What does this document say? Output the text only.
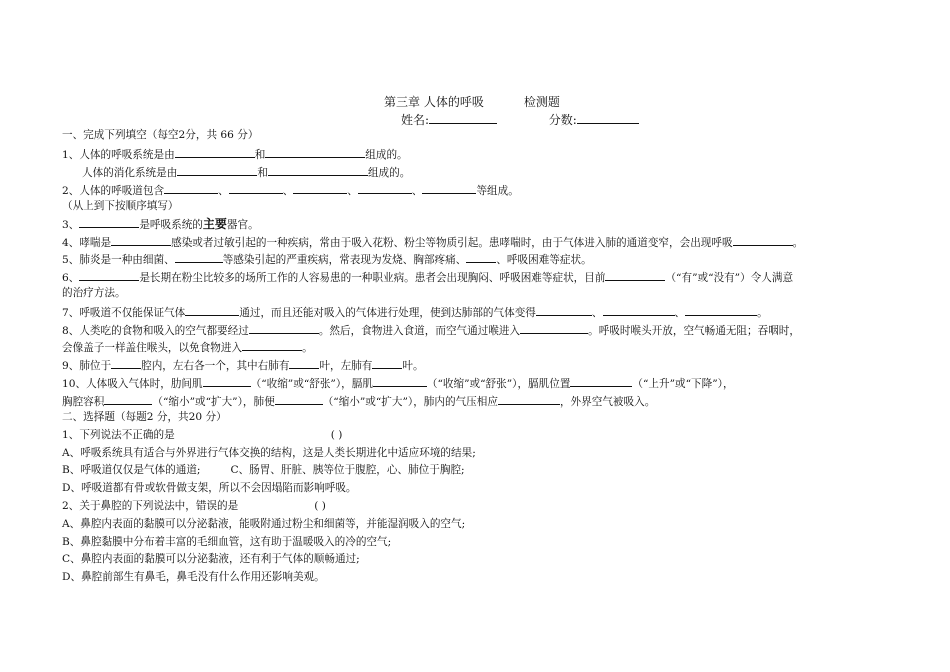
第三章 人体的呼吸	检测题
姓名:	分数:
一、完成下列填空（每空2分，共 66 分）
1、人体的呼吸系统是由	和	组成的。
人体的消化系统是由	和	组成的。
2、人体的呼吸道包含	、	、	、	、	等组成。
（从上到下按顺序填写）
3、	是呼吸系统的主要器官。
4、哮喘是	感染或者过敏引起的一种疾病，常由于吸入花粉、粉尘等物质引起。患哮喘时，由于气体进入肺的通道变窄，会出现呼吸	。
5、肺炎是一种由细菌、	等感染引起的严重疾病，常表现为发烧、胸部疼痛、	、呼吸困难等症状。
6、	是长期在粉尘比较多的场所工作的人容易患的一种职业病。患者会出现胸闷、呼吸困难等症状，目前	（“有”或“没有”）令人满意
的治疗方法。
7、呼吸道不仅能保证气体	通过，而且还能对吸入的气体进行处理，使到达肺部的气体变得	、	、	。
8、人类吃的食物和吸入的空气都要经过	。然后，食物进入食道，而空气通过喉进入	。呼吸时喉头开放，空气畅通无阻；吞咽时，
会像盖子一样盖住喉头，以免食物进入	。
9、肺位于	腔内，左右各一个，其中右肺有	叶，左肺有	叶。
10、人体吸入气体时，肋间肌	（“收缩”或“舒张”），膈肌	（“收缩”或“舒张”），膈肌位置	（“上升”或“下降”），
胸腔容积	（“缩小”或“扩大”），肺便	（“缩小”或“扩大”），肺内的气压相应	，外界空气被吸入。
二、选择题（每题2 分，共20 分）
1、下列说法不正确的是	( )
A、呼吸系统具有适合与外界进行气体交换的结构，这是人类长期进化中适应环境的结果;
B、呼吸道仅仅是气体的通道;	C、肠胃、肝脏、胰等位于腹腔，心、肺位于胸腔;
D、呼吸道都有骨或软骨做支架，所以不会因塌陷而影响呼吸。
2、关于鼻腔的下列说法中，错误的是	( )
A、鼻腔内表面的黏膜可以分泌黏液，能吸附通过粉尘和细菌等，并能湿润吸入的空气;
B、鼻腔黏膜中分布着丰富的毛细血管，这有助于温暖吸入的冷的空气;
C、鼻腔内表面的黏膜可以分泌黏液，还有利于气体的顺畅通过;
D、鼻腔前部生有鼻毛，鼻毛没有什么作用还影响美观。
